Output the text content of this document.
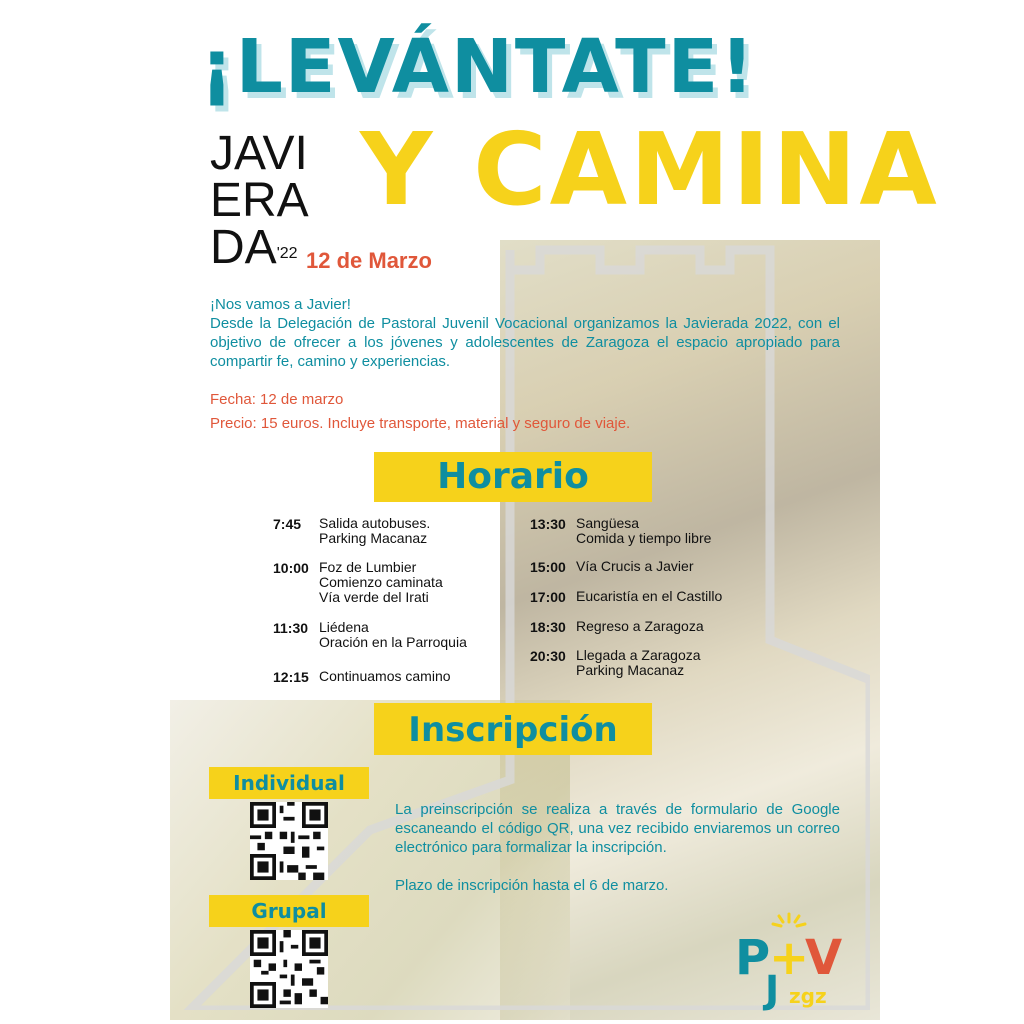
¡LEVÁNTATE!
Y CAMINA
JAVI
ERA
$DA^{'22}$ 12 de Marzo

¡Nos vamos a Javier!

Desde la Delegación de Pastoral Juvenil Vocacional organizamos la Javierada 2022, con el objetivo de ofrecer a los jóvenes y adolescentes de Zaragoza el espacio apropiado para compartir fe, camino y experiencias.

Fecha: 12 de marzo
Precio: 15 euros. Incluye transporte, material y seguro de viaje.
Horario
7:45	Salida autobuses.
Parking Macanaz
10:00 Foz de Lumbier
Comienzo caminata
Vía verde del Irati
11:30 Liédena
Oración en la Parroquia
12:15 Continuamos camino
13:30 Sangüesa
Comida y tiempo libre
15:00 Vía Crucis a Javier
17:00 Eucaristía en el Castillo
18:30 Regreso a Zaragoza
20:30 Llegada a Zaragoza
Parking Macanaz
Inscripción
Individual
Grupal

La preinscripción se realiza a través de formulario de Google escaneando el código QR, una vez recibido enviaremos un correo electrónico para formalizar la inscripción.

Plazo de inscripción hasta el 6 de marzo.

P
+
V
J zgz
